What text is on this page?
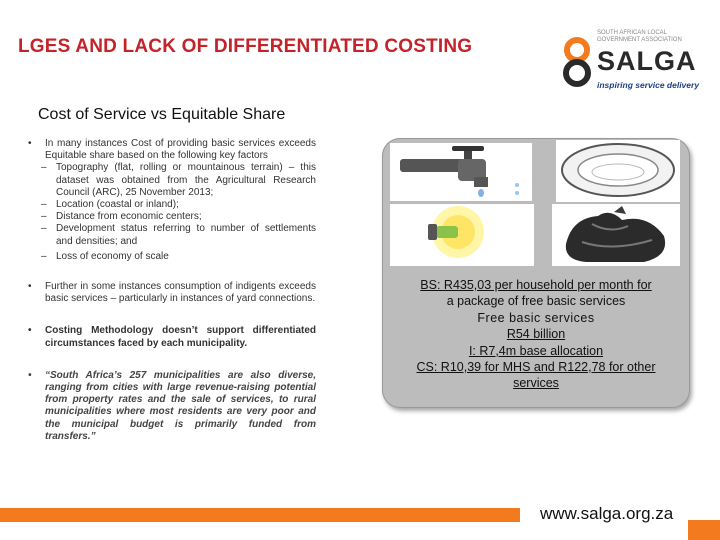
LGES AND LACK OF DIFFERENTIATED COSTING
SOUTH AFRICAN LOCAL GOVERNMENT ASSOCIATION
SALGA
inspiring service delivery
Cost of Service vs Equitable Share
• In many instances Cost of providing basic services exceeds Equitable share based on the following key factors
– Topography (flat, rolling or mountainous terrain) – this dataset was obtained from the Agricultural Research Council (ARC), 25 November 2013;
– Location (coastal or inland);
– Distance from economic centers;
– Development status referring to number of settlements and densities; and
– Loss of economy of scale
• Further in some instances consumption of indigents exceeds basic services – particularly in instances of yard connections.
• Costing Methodology doesn’t support differentiated circumstances faced by each municipality.
• “South Africa’s 257 municipalities are also diverse, ranging from cities with large revenue-raising potential from property rates and the sale of services, to rural municipalities where most residents are very poor and the municipal budget is primarily funded from transfers.”
BS: R435,03 per household per month for
a package of free basic services
Free basic services
R54 billion
I: R7,4m base allocation
CS: R10,39 for MHS and R122,78 for other
services
www.salga.org.za
